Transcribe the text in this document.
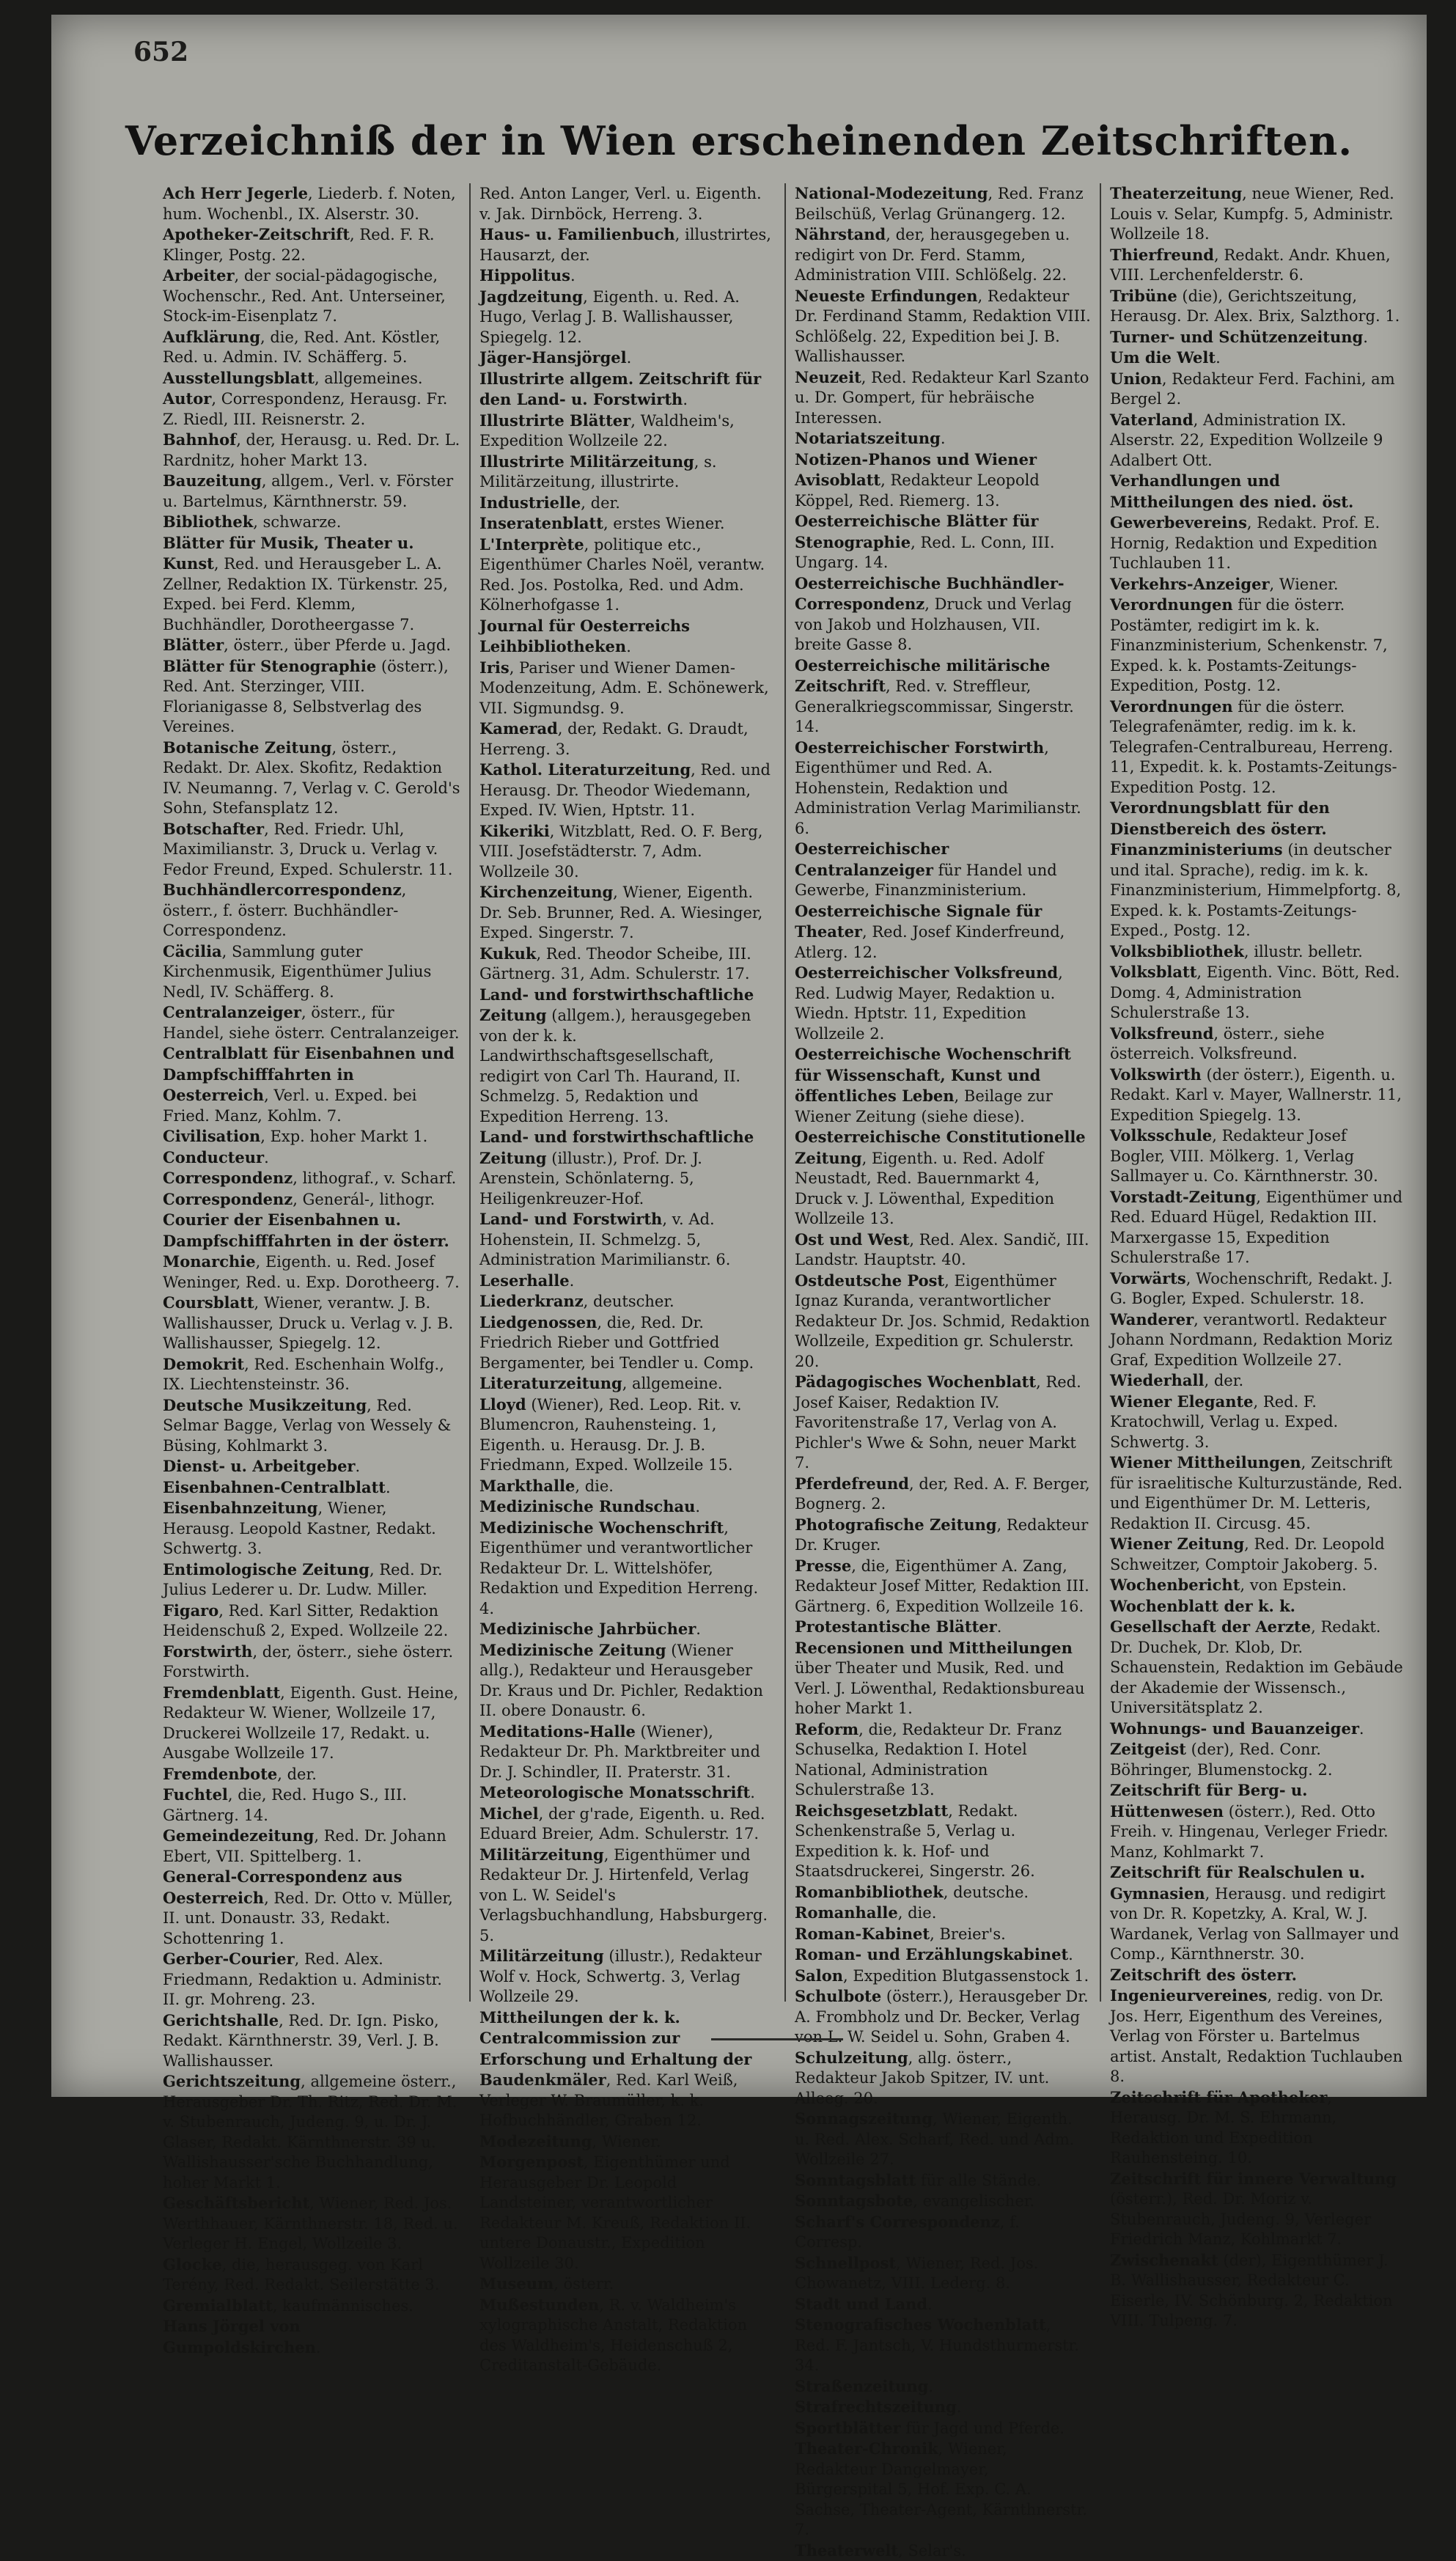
652
Verzeichniß der in Wien erscheinenden Zeitschriften.

Ach Herr Jegerle, Liederb. f. Noten, hum. Wochenbl., IX. Alserstr. 30.

Apotheker-Zeitschrift, Red. F. R. Klinger, Postg. 22.

Arbeiter, der social-pädagogische, Wochenschr., Red. Ant. Unterseiner, Stock-im-Eisenplatz 7.

Aufklärung, die, Red. Ant. Köstler, Red. u. Admin. IV. Schäfferg. 5.

Ausstellungsblatt, allgemeines.

Autor, Correspondenz, Herausg. Fr. Z. Riedl, III. Reisnerstr. 2.

Bahnhof, der, Herausg. u. Red. Dr. L. Rardnitz, hoher Markt 13.

Bauzeitung, allgem., Verl. v. Förster u. Bartelmus, Kärnthnerstr. 59.

Bibliothek, schwarze.

Blätter für Musik, Theater u. Kunst, Red. und Herausgeber L. A. Zellner, Redaktion IX. Türkenstr. 25, Exped. bei Ferd. Klemm, Buchhändler, Dorotheergasse 7.

Blätter, österr., über Pferde u. Jagd.

Blätter für Stenographie (österr.), Red. Ant. Sterzinger, VIII. Florianigasse 8, Selbstverlag des Vereines.

Botanische Zeitung, österr., Redakt. Dr. Alex. Skofitz, Redaktion IV. Neumanng. 7, Verlag v. C. Gerold's Sohn, Stefansplatz 12.

Botschafter, Red. Friedr. Uhl, Maximilianstr. 3, Druck u. Verlag v. Fedor Freund, Exped. Schulerstr. 11.

Buchhändlercorrespondenz, österr., f. österr. Buchhändler-Correspondenz.

Cäcilia, Sammlung guter Kirchenmusik, Eigenthümer Julius Nedl, IV. Schäfferg. 8.

Centralanzeiger, österr., für Handel, siehe österr. Centralanzeiger.

Centralblatt für Eisenbahnen und Dampfschifffahrten in Oesterreich, Verl. u. Exped. bei Fried. Manz, Kohlm. 7.

Civilisation, Exp. hoher Markt 1.

Conducteur.

Correspondenz, lithograf., v. Scharf.

Correspondenz, Generál-, lithogr.

Courier der Eisenbahnen u. Dampfschifffahrten in der österr. Monarchie, Eigenth. u. Red. Josef Weninger, Red. u. Exp. Dorotheerg. 7.

Coursblatt, Wiener, verantw. J. B. Wallishausser, Druck u. Verlag v. J. B. Wallishausser, Spiegelg. 12.

Demokrit, Red. Eschenhain Wolfg., IX. Liechtensteinstr. 36.

Deutsche Musikzeitung, Red. Selmar Bagge, Verlag von Wessely & Büsing, Kohlmarkt 3.

Dienst- u. Arbeitgeber.

Eisenbahnen-Centralblatt.

Eisenbahnzeitung, Wiener, Herausg. Leopold Kastner, Redakt. Schwertg. 3.

Entimologische Zeitung, Red. Dr. Julius Lederer u. Dr. Ludw. Miller.

Figaro, Red. Karl Sitter, Redaktion Heidenschuß 2, Exped. Wollzeile 22.

Forstwirth, der, österr., siehe österr. Forstwirth.

Fremdenblatt, Eigenth. Gust. Heine, Redakteur W. Wiener, Wollzeile 17, Druckerei Wollzeile 17, Redakt. u. Ausgabe Wollzeile 17.

Fremdenbote, der.

Fuchtel, die, Red. Hugo S., III. Gärtnerg. 14.

Gemeindezeitung, Red. Dr. Johann Ebert, VII. Spittelberg. 1.

General-Correspondenz aus Oesterreich, Red. Dr. Otto v. Müller, II. unt. Donaustr. 33, Redakt. Schottenring 1.

Gerber-Courier, Red. Alex. Friedmann, Redaktion u. Administr. II. gr. Mohreng. 23.

Gerichtshalle, Red. Dr. Ign. Pisko, Redakt. Kärnthnerstr. 39, Verl. J. B. Wallishausser.

Gerichtszeitung, allgemeine österr., Herausgeber Dr. Th. Ritz, Red. Dr. M. v. Stubenrauch, Judeng. 9, u. Dr. J. Glaser, Redakt. Kärnthnerstr. 39 u. Wallishausser'sche Buchhandlung, hoher Markt 1.

Geschäftsbericht, Wiener, Red. Jos. Werthhauer, Kärnthnerstr. 18, Red. u. Verleger H. Engel, Wollzeile 3.

Glocke, die, herausgeg. von Karl Terény, Red. Redakt. Seilerstätte 3.

Gremialblatt, kaufmännisches.

Hans Jörgel von Gumpoldskirchen.

Red. Anton Langer, Verl. u. Eigenth. v. Jak. Dirnböck, Herreng. 3.

Haus- u. Familienbuch, illustrirtes, Hausarzt, der.

Hippolitus.

Jagdzeitung, Eigenth. u. Red. A. Hugo, Verlag J. B. Wallishausser, Spiegelg. 12.

Jäger-Hansjörgel.

Illustrirte allgem. Zeitschrift für den Land- u. Forstwirth.

Illustrirte Blätter, Waldheim's, Expedition Wollzeile 22.

Illustrirte Militärzeitung, s. Militärzeitung, illustrirte.

Industrielle, der.

Inseratenblatt, erstes Wiener.

L'Interprète, politique etc., Eigenthümer Charles Noël, verantw. Red. Jos. Postolka, Red. und Adm. Kölnerhofgasse 1.

Journal für Oesterreichs Leihbibliotheken.

Iris, Pariser und Wiener Damen-Modenzeitung, Adm. E. Schönewerk, VII. Sigmundsg. 9.

Kamerad, der, Redakt. G. Draudt, Herreng. 3.

Kathol. Literaturzeitung, Red. und Herausg. Dr. Theodor Wiedemann, Exped. IV. Wien, Hptstr. 11.

Kikeriki, Witzblatt, Red. O. F. Berg, VIII. Josefstädterstr. 7, Adm. Wollzeile 30.

Kirchenzeitung, Wiener, Eigenth. Dr. Seb. Brunner, Red. A. Wiesinger, Exped. Singerstr. 7.

Kukuk, Red. Theodor Scheibe, III. Gärtnerg. 31, Adm. Schulerstr. 17.

Land- und forstwirthschaftliche Zeitung (allgem.), herausgegeben von der k. k. Landwirthschaftsgesellschaft, redigirt von Carl Th. Haurand, II. Schmelzg. 5, Redaktion und Expedition Herreng. 13.

Land- und forstwirthschaftliche Zeitung (illustr.), Prof. Dr. J. Arenstein, Schönlaterng. 5, Heiligenkreuzer-Hof.

Land- und Forstwirth, v. Ad. Hohenstein, II. Schmelzg. 5, Administration Marimilianstr. 6.

Leserhalle.

Liederkranz, deutscher.

Liedgenossen, die, Red. Dr. Friedrich Rieber und Gottfried Bergamenter, bei Tendler u. Comp.

Literaturzeitung, allgemeine.

Lloyd (Wiener), Red. Leop. Rit. v. Blumencron, Rauhensteing. 1, Eigenth. u. Herausg. Dr. J. B. Friedmann, Exped. Wollzeile 15.

Markthalle, die.

Medizinische Rundschau.

Medizinische Wochenschrift, Eigenthümer und verantwortlicher Redakteur Dr. L. Wittelshöfer, Redaktion und Expedition Herreng. 4.

Medizinische Jahrbücher.

Medizinische Zeitung (Wiener allg.), Redakteur und Herausgeber Dr. Kraus und Dr. Pichler, Redaktion II. obere Donaustr. 6.

Meditations-Halle (Wiener), Redakteur Dr. Ph. Marktbreiter und Dr. J. Schindler, II. Praterstr. 31.

Meteorologische Monatsschrift.

Michel, der g'rade, Eigenth. u. Red. Eduard Breier, Adm. Schulerstr. 17.

Militärzeitung, Eigenthümer und Redakteur Dr. J. Hirtenfeld, Verlag von L. W. Seidel's Verlagsbuchhandlung, Habsburgerg. 5.

Militärzeitung (illustr.), Redakteur Wolf v. Hock, Schwertg. 3, Verlag Wollzeile 29.

Mittheilungen der k. k. Centralcommission zur Erforschung und Erhaltung der Baudenkmäler, Red. Karl Weiß, Verleger W. Braumüller, k. k. Hofbuchhändler, Graben 12.

Modezeitung, Wiener.

Morgenpost, Eigenthümer und Herausgeber Dr. Leopold Landsteiner, verantwortlicher Redakteur M. Kreuß, Redaktion II. untere Donaustr., Expedition Wollzeile 30.

Museum, österr.

Mußestunden, R. v. Waldheim's xylographische Anstalt, Redaktion des Waldheim's, Heidenschuß 2, Creditanstalt-Gebäude.

National-Modezeitung, Red. Franz Beilschüß, Verlag Grünangerg. 12.

Nährstand, der, herausgegeben u. redigirt von Dr. Ferd. Stamm, Administration VIII. Schlößelg. 22.

Neueste Erfindungen, Redakteur Dr. Ferdinand Stamm, Redaktion VIII. Schlößelg. 22, Expedition bei J. B. Wallishausser.

Neuzeit, Red. Redakteur Karl Szanto u. Dr. Gompert, für hebräische Interessen.

Notariatszeitung.

Notizen-Phanos und Wiener Avisoblatt, Redakteur Leopold Köppel, Red. Riemerg. 13.

Oesterreichische Blätter für Stenographie, Red. L. Conn, III. Ungarg. 14.

Oesterreichische Buchhändler-Correspondenz, Druck und Verlag von Jakob und Holzhausen, VII. breite Gasse 8.

Oesterreichische militärische Zeitschrift, Red. v. Streffleur, Generalkriegscommissar, Singerstr. 14.

Oesterreichischer Forstwirth, Eigenthümer und Red. A. Hohenstein, Redaktion und Administration Verlag Marimilianstr. 6.

Oesterreichischer Centralanzeiger für Handel und Gewerbe, Finanzministerium.

Oesterreichische Signale für Theater, Red. Josef Kinderfreund, Atlerg. 12.

Oesterreichischer Volksfreund, Red. Ludwig Mayer, Redaktion u. Wiedn. Hptstr. 11, Expedition Wollzeile 2.

Oesterreichische Wochenschrift für Wissenschaft, Kunst und öffentliches Leben, Beilage zur Wiener Zeitung (siehe diese).

Oesterreichische Constitutionelle Zeitung, Eigenth. u. Red. Adolf Neustadt, Red. Bauernmarkt 4, Druck v. J. Löwenthal, Expedition Wollzeile 13.

Ost und West, Red. Alex. Sandič, III. Landstr. Hauptstr. 40.

Ostdeutsche Post, Eigenthümer Ignaz Kuranda, verantwortlicher Redakteur Dr. Jos. Schmid, Redaktion Wollzeile, Expedition gr. Schulerstr. 20.

Pädagogisches Wochenblatt, Red. Josef Kaiser, Redaktion IV. Favoritenstraße 17, Verlag von A. Pichler's Wwe & Sohn, neuer Markt 7.

Pferdefreund, der, Red. A. F. Berger, Bognerg. 2.

Photografische Zeitung, Redakteur Dr. Kruger.

Presse, die, Eigenthümer A. Zang, Redakteur Josef Mitter, Redaktion III. Gärtnerg. 6, Expedition Wollzeile 16.

Protestantische Blätter.

Recensionen und Mittheilungen über Theater und Musik, Red. und Verl. J. Löwenthal, Redaktionsbureau hoher Markt 1.

Reform, die, Redakteur Dr. Franz Schuselka, Redaktion I. Hotel National, Administration Schulerstraße 13.

Reichsgesetzblatt, Redakt. Schenkenstraße 5, Verlag u. Expedition k. k. Hof- und Staatsdruckerei, Singerstr. 26.

Romanbibliothek, deutsche.

Romanhalle, die.

Roman-Kabinet, Breier's.

Roman- und Erzählungskabinet.

Salon, Expedition Blutgassenstock 1.

Schulbote (österr.), Herausgeber Dr. A. Frombholz und Dr. Becker, Verlag von L. W. Seidel u. Sohn, Graben 4.

Schulzeitung, allg. österr., Redakteur Jakob Spitzer, IV. unt. Alleeg. 20.

Sonnagszeitung, Wiener, Eigenth. u. Red. Alex. Scharf, Red. und Adm. Wollzeile 27.

Sonntagsblatt für alle Stände.

Sonntagsbote, evangelischer.

Scharf's Correspondenz, f. Corresp.

Schnellpost, Wiener, Red. Jos. Chowanetz, VIII. Lederg. 8.

Stadt und Land.

Stenografisches Wochenblatt, Red. F. Jantsch, V. Hundsthurmerstr. 34.

Straßenzeitung.

Strafrechtszeitung.

Sportblätter für Jagd und Pferde.

Theater-Chronik, Wiener, Redakteur Dangelmayer, Bürgerspital 5, Hof. Exp. C. A. Sachse, Theater-Agent, Kärnthnerstr. 7.

Theaterwelt, Selar's.

Theaterzeitung, neue Wiener, Red. Louis v. Selar, Kumpfg. 5, Administr. Wollzeile 18.

Thierfreund, Redakt. Andr. Khuen, VIII. Lerchenfelderstr. 6.

Tribüne (die), Gerichtszeitung, Herausg. Dr. Alex. Brix, Salzthorg. 1.

Turner- und Schützenzeitung.

Um die Welt.

Union, Redakteur Ferd. Fachini, am Bergel 2.

Vaterland, Administration IX. Alserstr. 22, Expedition Wollzeile 9 Adalbert Ott.

Verhandlungen und Mittheilungen des nied. öst. Gewerbevereins, Redakt. Prof. E. Hornig, Redaktion und Expedition Tuchlauben 11.

Verkehrs-Anzeiger, Wiener.

Verordnungen für die österr. Postämter, redigirt im k. k. Finanzministerium, Schenkenstr. 7, Exped. k. k. Postamts-Zeitungs-Expedition, Postg. 12.

Verordnungen für die österr. Telegrafenämter, redig. im k. k. Telegrafen-Centralbureau, Herreng. 11, Expedit. k. k. Postamts-Zeitungs-Expedition Postg. 12.

Verordnungsblatt für den Dienstbereich des österr. Finanzministeriums (in deutscher und ital. Sprache), redig. im k. k. Finanzministerium, Himmelpfortg. 8, Exped. k. k. Postamts-Zeitungs-Exped., Postg. 12.

Volksbibliothek, illustr. belletr.

Volksblatt, Eigenth. Vinc. Bött, Red. Domg. 4, Administration Schulerstraße 13.

Volksfreund, österr., siehe österreich. Volksfreund.

Volkswirth (der österr.), Eigenth. u. Redakt. Karl v. Mayer, Wallnerstr. 11, Expedition Spiegelg. 13.

Volksschule, Redakteur Josef Bogler, VIII. Mölkerg. 1, Verlag Sallmayer u. Co. Kärnthnerstr. 30.

Vorstadt-Zeitung, Eigenthümer und Red. Eduard Hügel, Redaktion III. Marxergasse 15, Expedition Schulerstraße 17.

Vorwärts, Wochenschrift, Redakt. J. G. Bogler, Exped. Schulerstr. 18.

Wanderer, verantwortl. Redakteur Johann Nordmann, Redaktion Moriz Graf, Expedition Wollzeile 27.

Wiederhall, der.

Wiener Elegante, Red. F. Kratochwill, Verlag u. Exped. Schwertg. 3.

Wiener Mittheilungen, Zeitschrift für israelitische Kulturzustände, Red. und Eigenthümer Dr. M. Letteris, Redaktion II. Circusg. 45.

Wiener Zeitung, Red. Dr. Leopold Schweitzer, Comptoir Jakoberg. 5.

Wochenbericht, von Epstein.

Wochenblatt der k. k. Gesellschaft der Aerzte, Redakt. Dr. Duchek, Dr. Klob, Dr. Schauenstein, Redaktion im Gebäude der Akademie der Wissensch., Universitätsplatz 2.

Wohnungs- und Bauanzeiger.

Zeitgeist (der), Red. Conr. Böhringer, Blumenstockg. 2.

Zeitschrift für Berg- u. Hüttenwesen (österr.), Red. Otto Freih. v. Hingenau, Verleger Friedr. Manz, Kohlmarkt 7.

Zeitschrift für Realschulen u. Gymnasien, Herausg. und redigirt von Dr. R. Kopetzky, A. Kral, W. J. Wardanek, Verlag von Sallmayer und Comp., Kärnthnerstr. 30.

Zeitschrift des österr. Ingenieurvereines, redig. von Dr. Jos. Herr, Eigenthum des Vereines, Verlag von Förster u. Bartelmus artist. Anstalt, Redaktion Tuchlauben 8.

Zeitschrift für Apotheker, Herausg. Dr. M. S. Ehrmann, Redaktion und Expedition Rauhensteing. 10.

Zeitschrift für innere Verwaltung (österr.), Red. Dr. Moriz v. Stubenrauch, Judeng. 9, Verleger Friedrich Manz, Kohlmarkt 7.

Zwischenakt (der), Eigenthümer J. B. Wallishausser, Redakteur C. Eiserle, IV. Schönburg. 2, Redaktion VIII. Tulpeng. 7.
